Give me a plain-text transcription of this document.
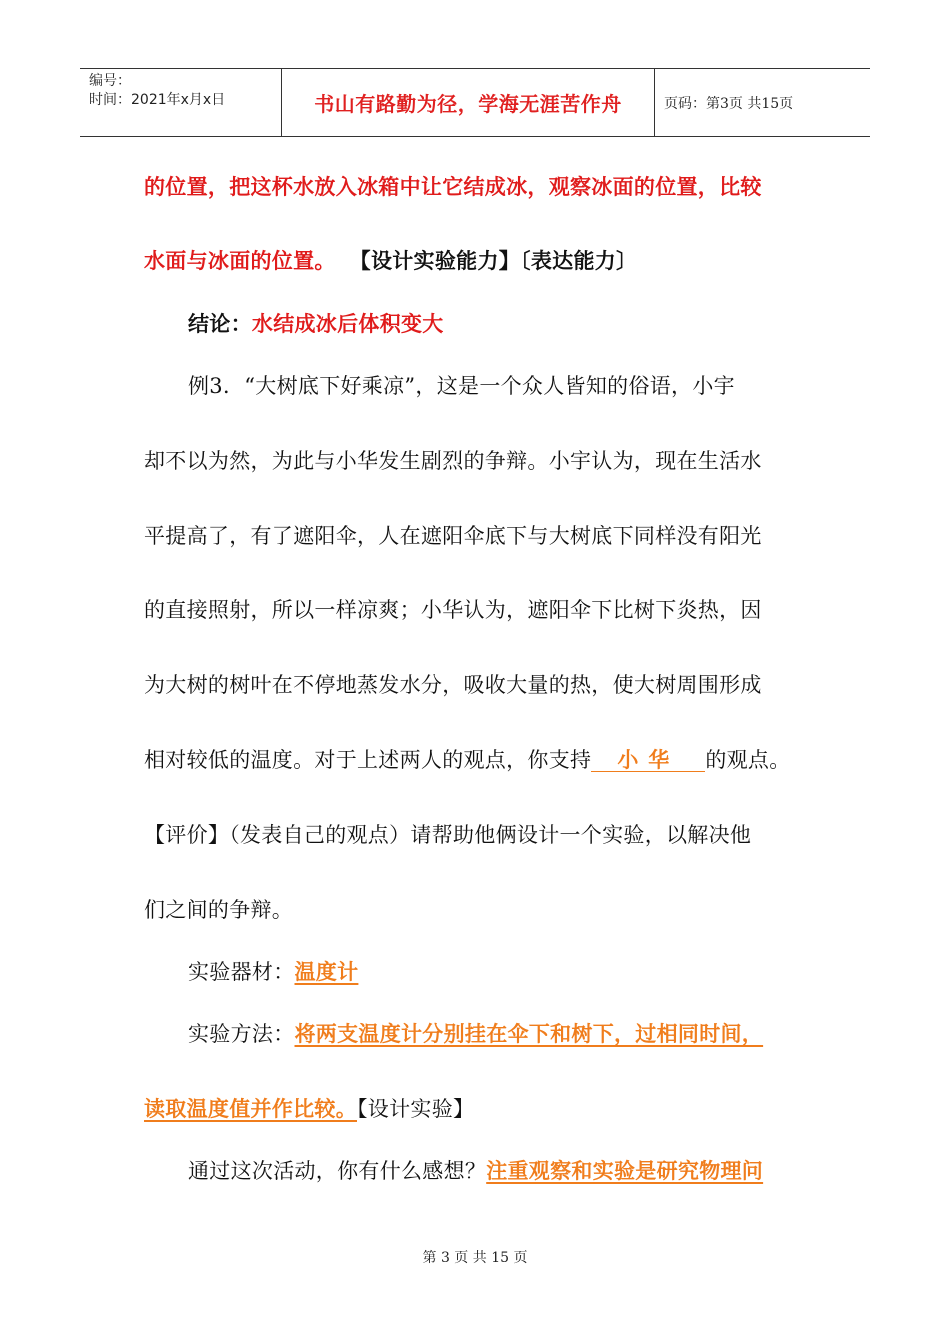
编号：
时间：2021年x月x日	书山有路勤为径，学海无涯苦作舟	页码：第3页 共15页
的位置，把这杯水放入冰箱中让它结成冰，观察冰面的位置，比较
水面与冰面的位置。 【设计实验能力】〔表达能力〕
结论：水结成冰后体积变大
例3．“大树底下好乘凉”，这是一个众人皆知的俗语，小宇
却不以为然，为此与小华发生剧烈的争辩。小宇认为，现在生活水
平提高了，有了遮阳伞，人在遮阳伞底下与大树底下同样没有阳光
的直接照射，所以一样凉爽；小华认为，遮阳伞下比树下炎热，因
为大树的树叶在不停地蒸发水分，吸收大量的热，使大树周围形成
相对较低的温度。对于上述两人的观点，你支持 小华 的观点。
【评价】（发表自己的观点）请帮助他俩设计一个实验，以解决他
们之间的争辩。
实验器材：温度计
实验方法：将两支温度计分别挂在伞下和树下，过相同时间，
读取温度值并作比较。【设计实验】
通过这次活动，你有什么感想？注重观察和实验是研究物理问
第 3 页 共 15 页
